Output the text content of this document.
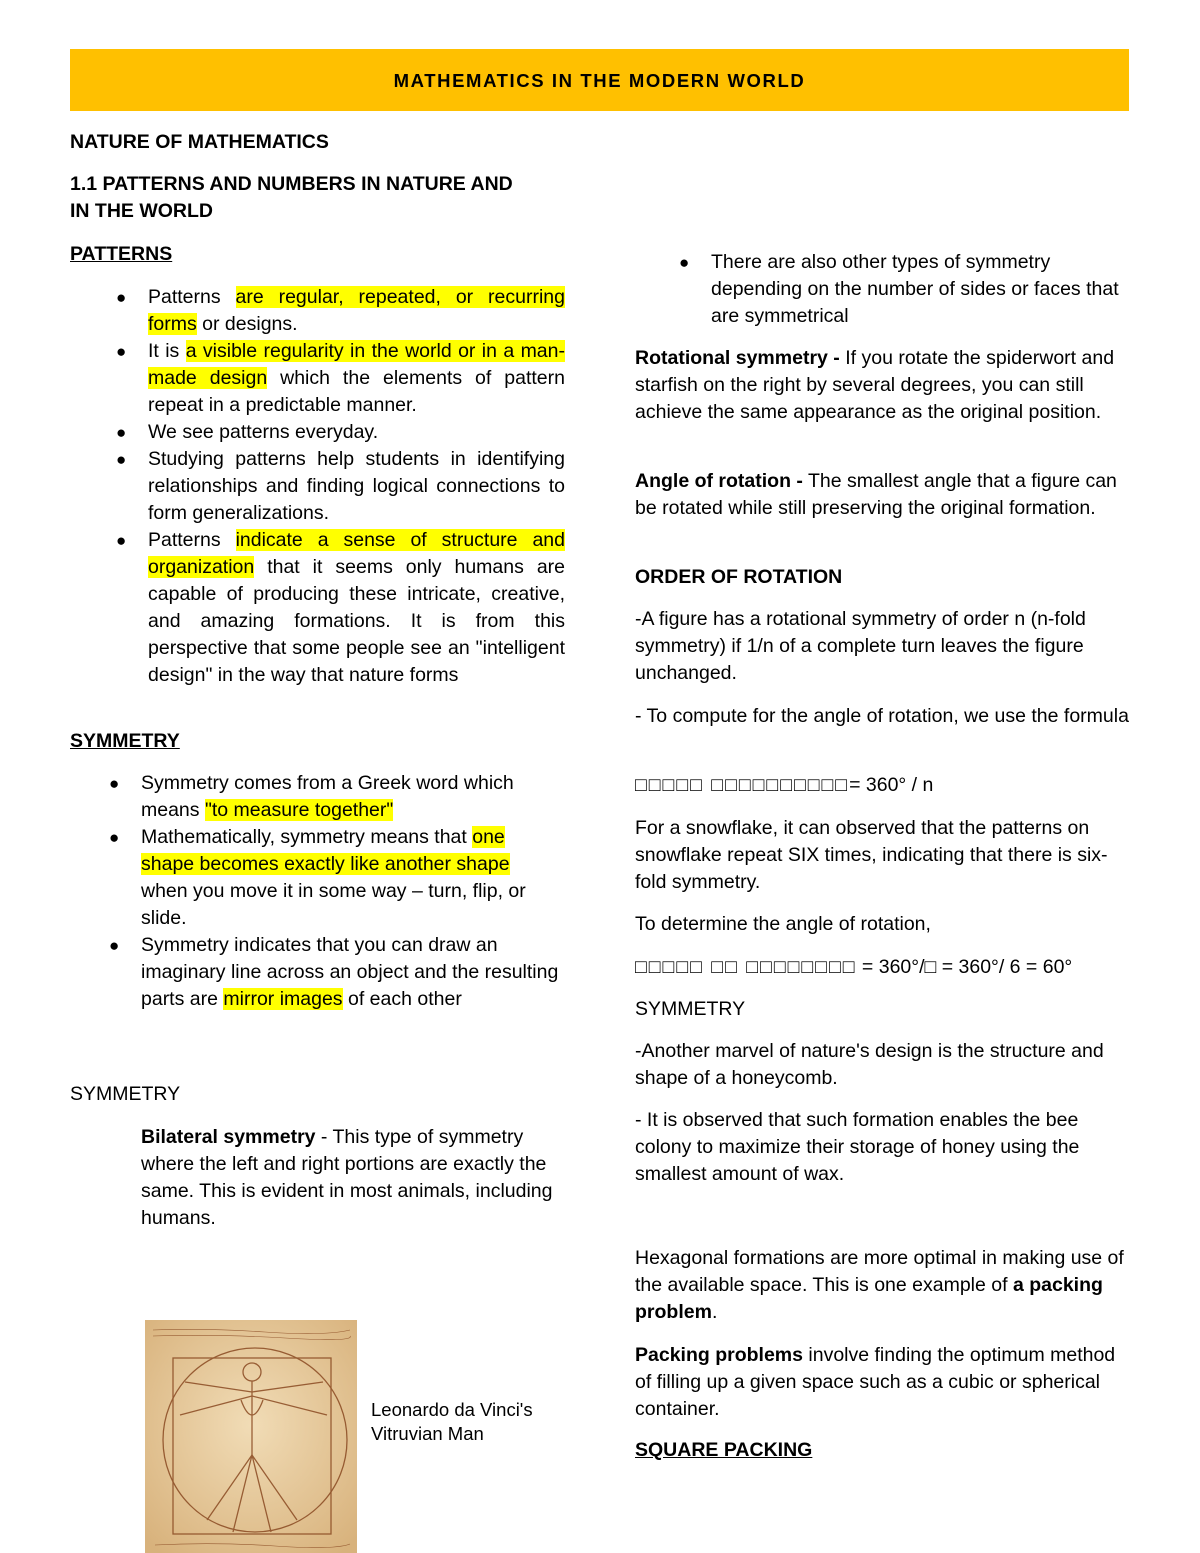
MATHEMATICS IN THE MODERN WORLD
NATURE OF MATHEMATICS
1.1 PATTERNS AND NUMBERS IN NATURE AND
IN THE WORLD
PATTERNS
● Patterns are regular, repeated, or recurring forms or designs.
● It is a visible regularity in the world or in a man-made design which the elements of pattern repeat in a predictable manner.
● We see patterns everyday.
● Studying patterns help students in identifying relationships and finding logical connections to form generalizations.
● Patterns indicate a sense of structure and organization that it seems only humans are capable of producing these intricate, creative, and amazing formations. It is from this perspective that some people see an "intelligent design" in the way that nature forms
SYMMETRY
● Symmetry comes from a Greek word which means "to measure together"
● Mathematically, symmetry means that one shape becomes exactly like another shape when you move it in some way – turn, flip, or slide.
● Symmetry indicates that you can draw an imaginary line across an object and the resulting parts are mirror images of each other
SYMMETRY
Bilateral symmetry - This type of symmetry where the left and right portions are exactly the same. This is evident in most animals, including humans.
Leonardo da Vinci's
Vitruvian Man
● There are also other types of symmetry depending on the number of sides or faces that are symmetrical
Rotational symmetry - If you rotate the spiderwort and starfish on the right by several degrees, you can still achieve the same appearance as the original position.
Angle of rotation - The smallest angle that a figure can be rotated while still preserving the original formation.
ORDER OF ROTATION
-A figure has a rotational symmetry of order n (n-fold symmetry) if 1/n of a complete turn leaves the figure unchanged.
- To compute for the angle of rotation, we use the formula
□□□□□ □□□□□□□□□□= 360° / n
For a snowflake, it can observed that the patterns on snowflake repeat SIX times, indicating that there is six-fold symmetry.
To determine the angle of rotation,
□□□□□ □□ □□□□□□□□ = 360°/□ = 360°/ 6 = 60°
SYMMETRY
-Another marvel of nature's design is the structure and shape of a honeycomb.
- It is observed that such formation enables the bee colony to maximize their storage of honey using the smallest amount of wax.
Hexagonal formations are more optimal in making use of the available space. This is one example of a packing problem.
Packing problems involve finding the optimum method of filling up a given space such as a cubic or spherical container.
SQUARE PACKING
